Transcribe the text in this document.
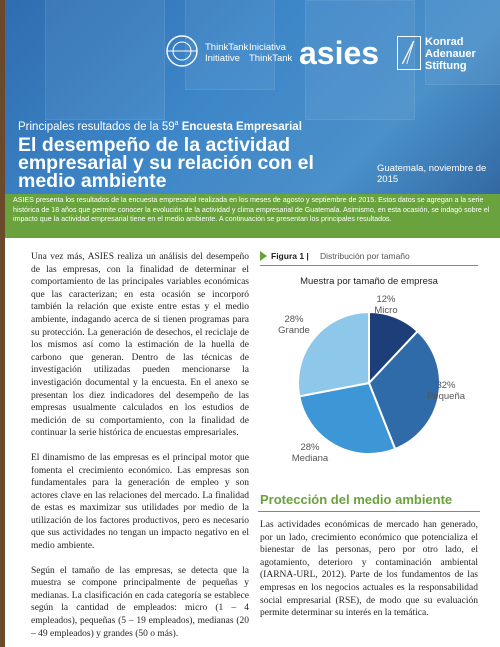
ThinkTank
Initiative
Iniciativa
ThinkTank asies	Konrad
Adenauer
Stiftung
Principales resultados de la 59$^a$ Encuesta Empresarial
El desempeño de la actividad empresarial y su relación con el medio ambiente
Guatemala, noviembre de 2015

ASIES presenta los resultados de la encuesta empresarial realizada en los meses de agosto y septiembre de 2015. Estos datos se agregan a la serie histórica de 18 años que permite conocer la evolución de la actividad y clima empresarial de Guatemala. Asimismo, en esta ocasión, se indagó sobre el impacto que la actividad empresarial tiene en el medio ambiente. A continuación se presentan los principales resultados.

Una vez más, ASIES realiza un análisis del desempeño de las empresas, con la finalidad de determinar el comportamiento de las principales variables económicas que las caracterizan; en esta ocasión se incorporó también la relación que existe entre estas y el medio ambiente, indagando acerca de si tienen programas para su protección. La generación de desechos, el reciclaje de los mismos así como la estimación de la huella de carbono que generan. Dentro de las técnicas de investigación utilizadas pueden mencionarse la investigación documental y la encuesta. En el anexo se presentan los diez indicadores del desempeño de las empresas usualmente calculados en los estudios de medición de su comportamiento, con la finalidad de continuar la serie histórica de encuestas empresariales.

El dinamismo de las empresas es el principal motor que fomenta el crecimiento económico. Las empresas son fundamentales para la generación de empleo y son actores clave en las relaciones del mercado. La finalidad de estas es maximizar sus utilidades por medio de la utilización de los factores productivos, pero es necesario que sus actividades no tengan un impacto negativo en el medio ambiente.

Según el tamaño de las empresas, se detecta que la muestra se compone principalmente de pequeñas y medianas. La clasificación en cada categoría se establece según la cantidad de empleados: micro (1 – 4 empleados), pequeñas (5 – 19 empleados), medianas (20 – 49 empleados) y grandes (50 o más).

Figura 1 | Distribución por tamaño
Muestra por tamaño de empresa
12%
Micro
32%
Pequeña
28%
Mediana
28%
Grande
Protección del medio ambiente
Las actividades económicas de mercado han generado, por un lado, crecimiento económico que potencializa el bienestar de las personas, pero por otro lado, el agotamiento, deterioro y contaminación ambiental (IARNA-URL, 2012). Parte de los fundamentos de las empresas en los negocios actuales es la responsabilidad social empresarial (RSE), de modo que su evaluación permite determinar su interés en la temática.
